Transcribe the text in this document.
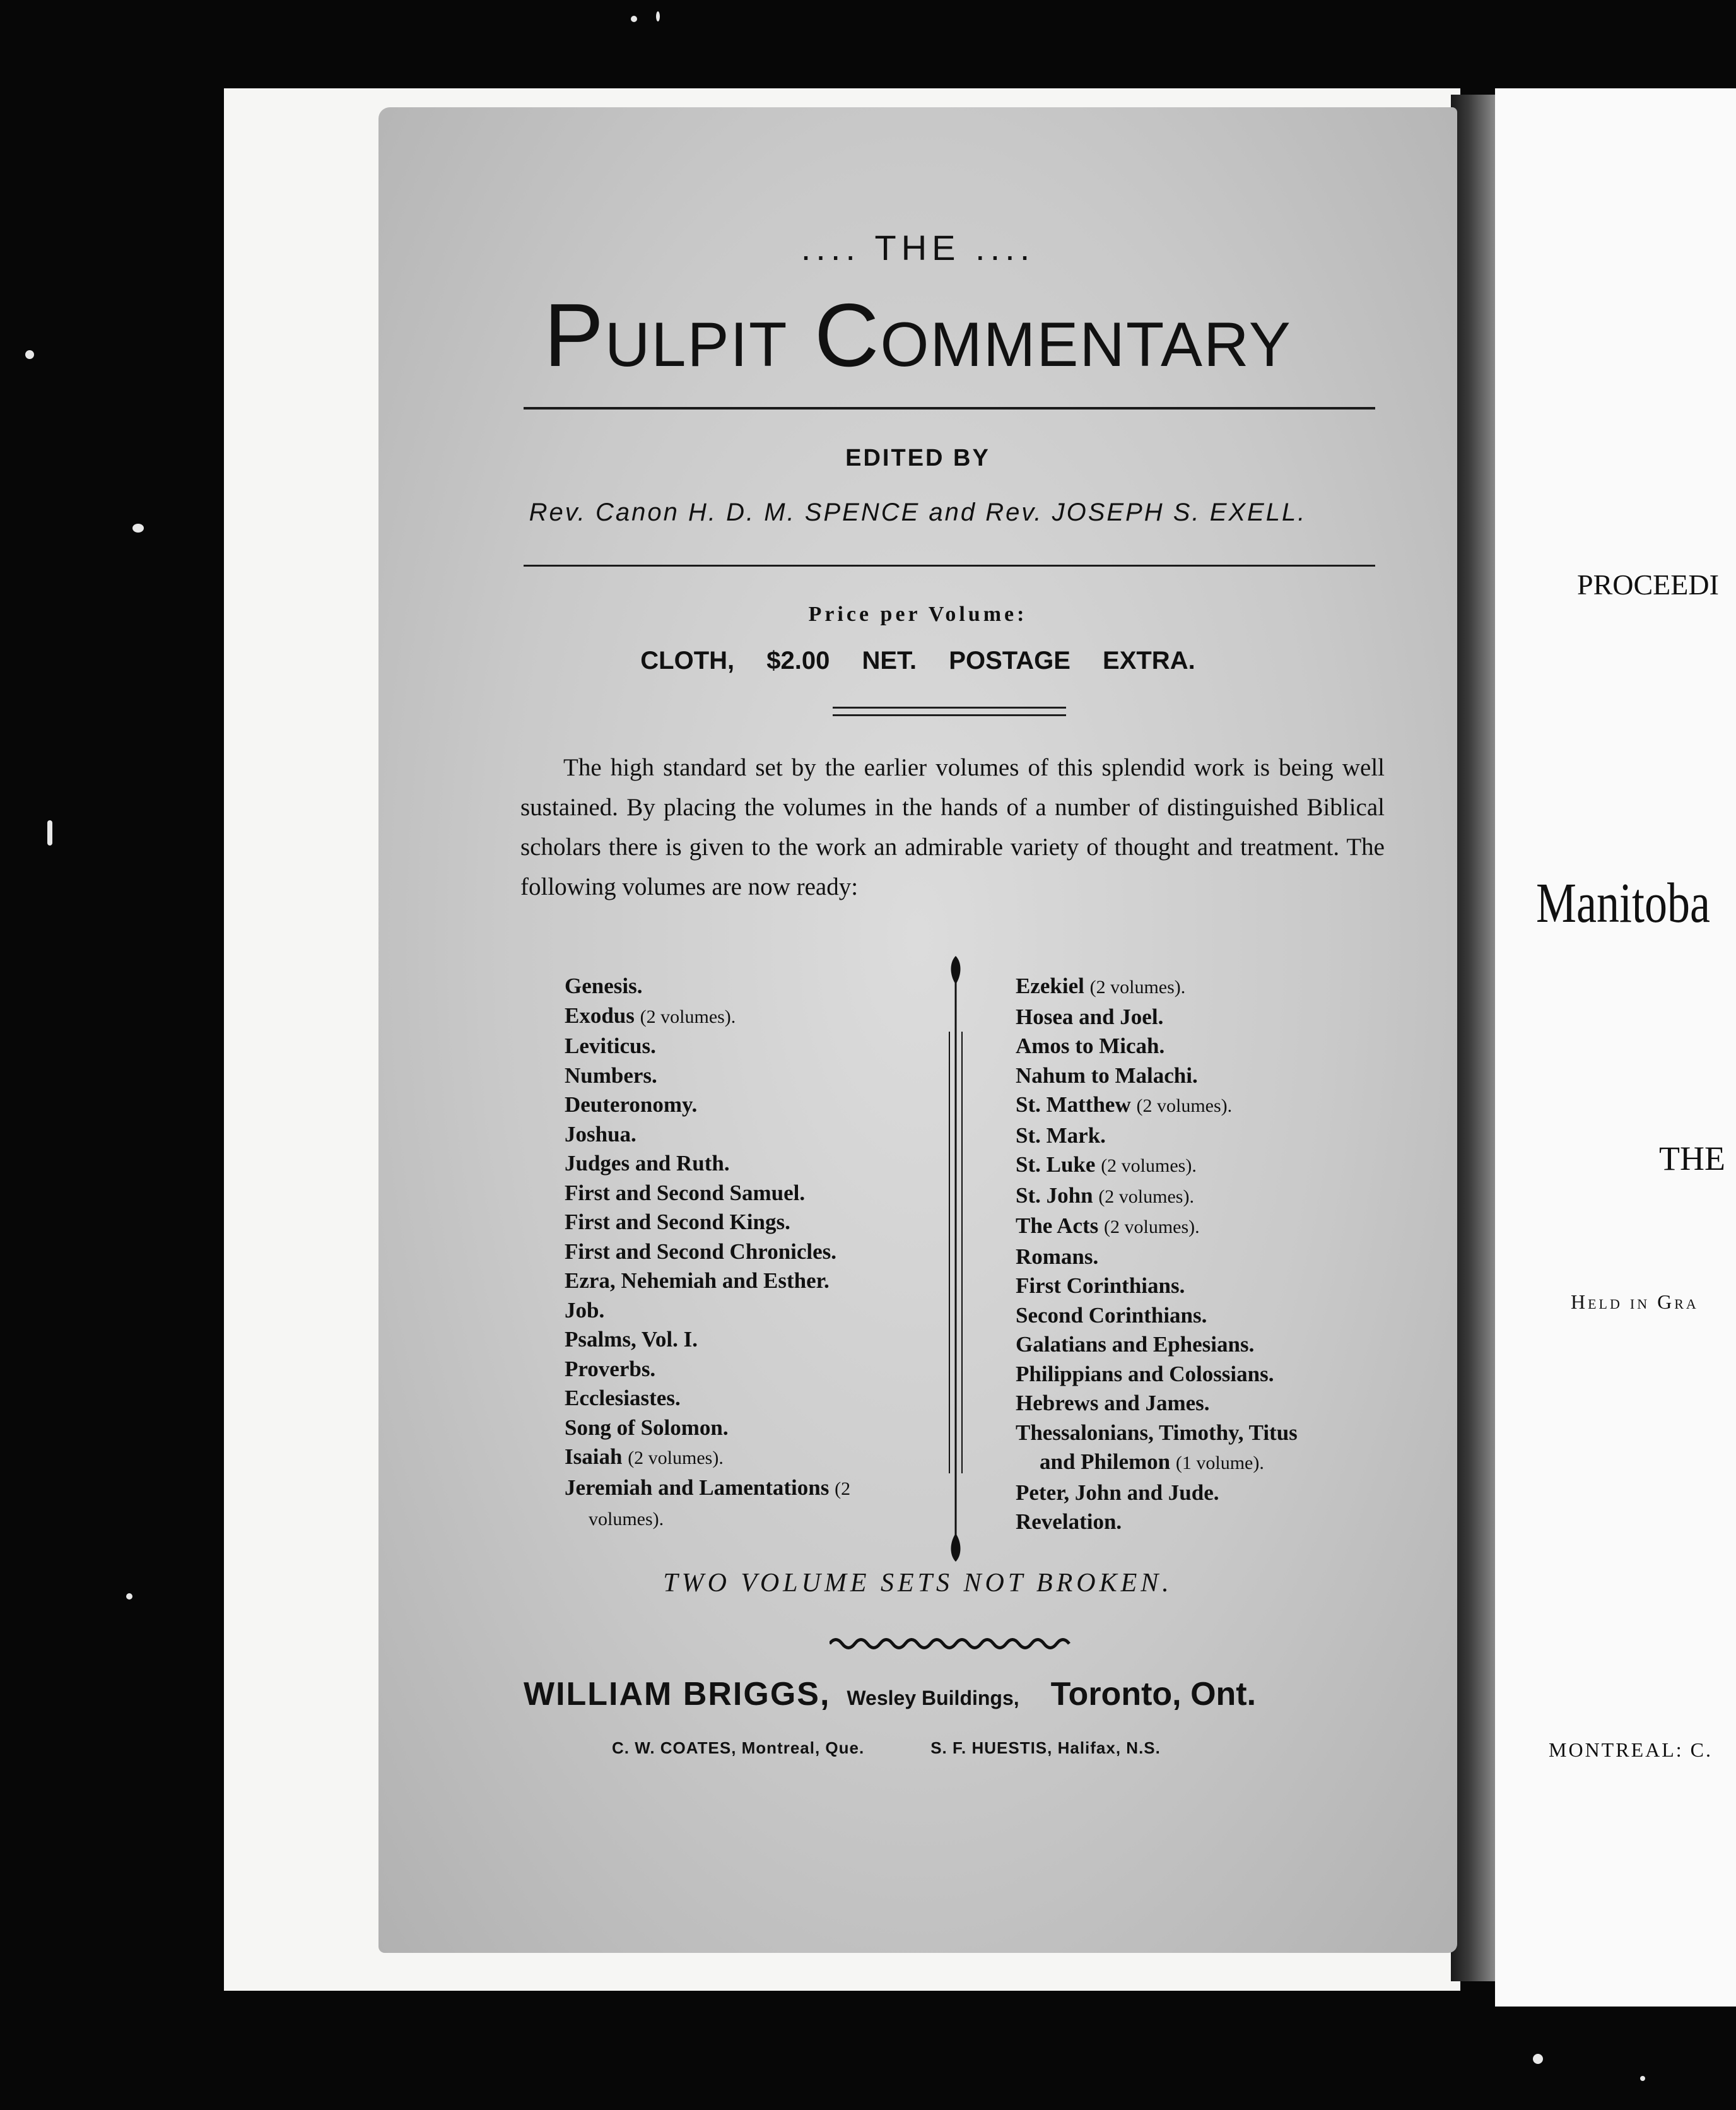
PROCEEDI
Manitoba
THE
Held in Gra
MONTREAL: C.
.... THE ....
Pulpit Commentary
EDITED BY
Rev. Canon H. D. M. SPENCE and Rev. JOSEPH S. EXELL.
Price per Volume:
CLOTH, $2.00 NET. POSTAGE EXTRA.
The high standard set by the earlier volumes of this splendid work is being well sustained. By placing the volumes in the hands of a number of distinguished Biblical scholars there is given to the work an admirable variety of thought and treatment. The following volumes are now ready:
Genesis.
Exodus (2 volumes).
Leviticus.
Numbers.
Deuteronomy.
Joshua.
Judges and Ruth.
First and Second Samuel.
First and Second Kings.
First and Second Chronicles.
Ezra, Nehemiah and Esther.
Job.
Psalms, Vol. I.
Proverbs.
Ecclesiastes.
Song of Solomon.
Isaiah (2 volumes).
Jeremiah and Lamentations (2
volumes).
Ezekiel (2 volumes).
Hosea and Joel.
Amos to Micah.
Nahum to Malachi.
St. Matthew (2 volumes).
St. Mark.
St. Luke (2 volumes).
St. John (2 volumes).
The Acts (2 volumes).
Romans.
First Corinthians.
Second Corinthians.
Galatians and Ephesians.
Philippians and Colossians.
Hebrews and James.
Thessalonians, Timothy, Titus
and Philemon (1 volume).
Peter, John and Jude.
Revelation.
TWO VOLUME SETS NOT BROKEN.
WILLIAM BRIGGS, Wesley Buildings, Toronto, Ont.
C. W. COATES, Montreal, Que.	S. F. HUESTIS, Halifax, N.S.
